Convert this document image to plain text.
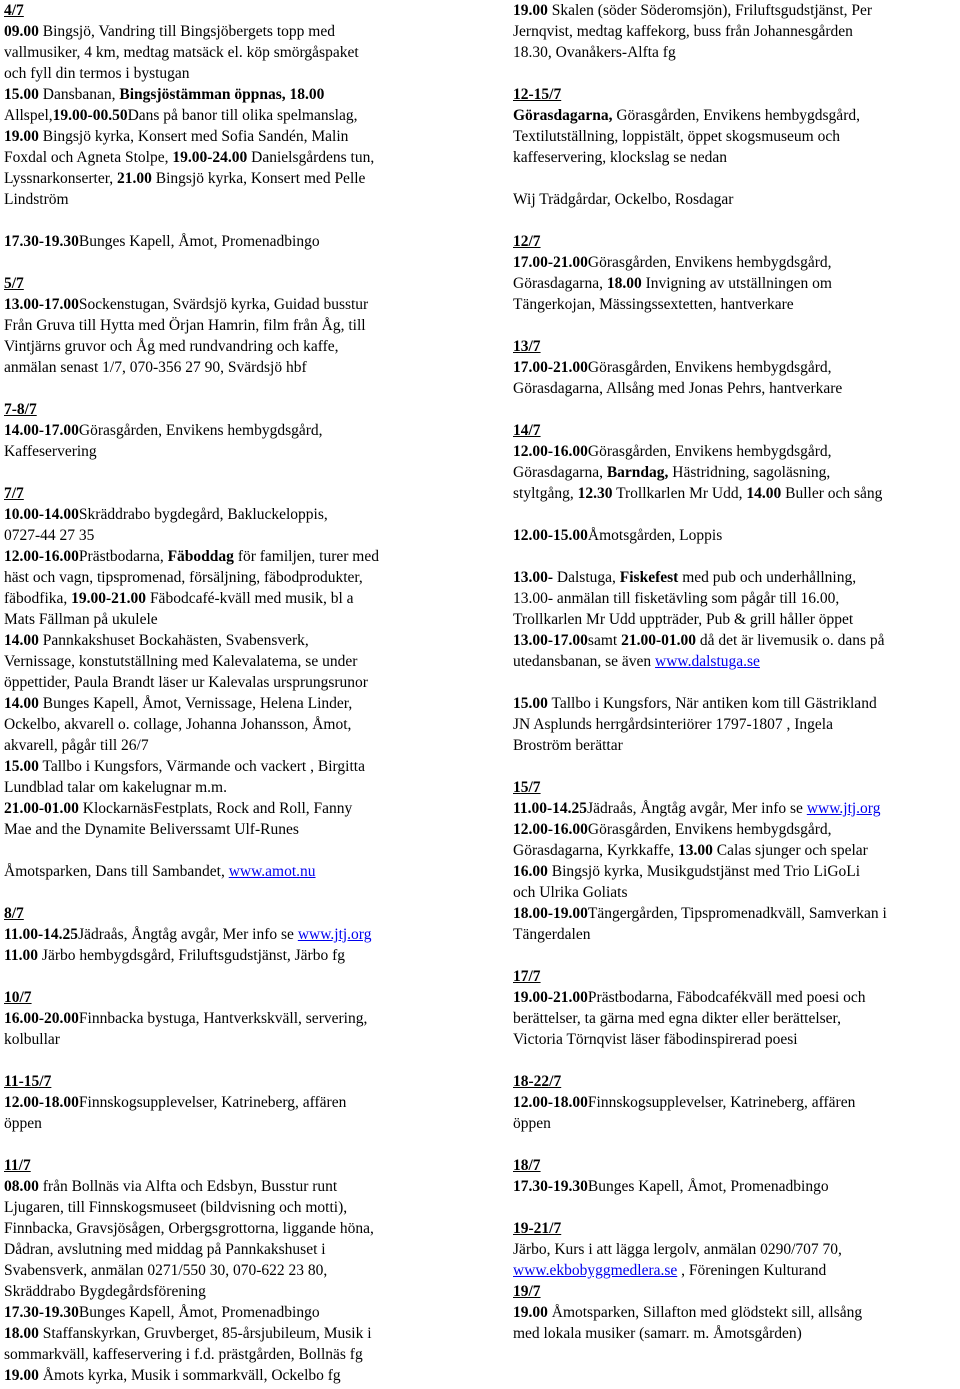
4/7
09.00 Bingsjö, Vandring till Bingsjöbergets topp med
vallmusiker, 4 km, medtag matsäck el. köp smörgåspaket
och fyll din termos i bystugan
15.00 Dansbanan, Bingsjöstämman öppnas, 18.00
Allspel,19.00-00.50Dans på banor till olika spelmanslag,
19.00 Bingsjö kyrka, Konsert med Sofia Sandén, Malin
Foxdal och Agneta Stolpe, 19.00-24.00 Danielsgårdens tun,
Lyssnarkonserter, 21.00 Bingsjö kyrka, Konsert med Pelle
Lindström
17.30-19.30Bunges Kapell, Åmot, Promenadbingo
5/7
13.00-17.00Sockenstugan, Svärdsjö kyrka, Guidad busstur
Från Gruva till Hytta med Örjan Hamrin, film från Åg, till
Vintjärns gruvor och Åg med rundvandring och kaffe,
anmälan senast 1/7, 070-356 27 90, Svärdsjö hbf
7-8/7
14.00-17.00Görasgården, Envikens hembygdsgård,
Kaffeservering
7/7
10.00-14.00Skräddrabo bygdegård, Bakluckeloppis,
0727-44 27 35
12.00-16.00Prästbodarna, Fäboddag för familjen, turer med
häst och vagn, tipspromenad, försäljning, fäbodprodukter,
fäbodfika, 19.00-21.00 Fäbodcafé-kväll med musik, bl a
Mats Fällman på ukulele
14.00 Pannkakshuset Bockahästen, Svabensverk,
Vernissage, konstutställning med Kalevalatema, se under
öppettider, Paula Brandt läser ur Kalevalas ursprungsrunor
14.00 Bunges Kapell, Åmot, Vernissage, Helena Linder,
Ockelbo, akvarell o. collage, Johanna Johansson, Åmot,
akvarell, pågår till 26/7
15.00 Tallbo i Kungsfors, Värmande och vackert , Birgitta
Lundblad talar om kakelugnar m.m.
21.00-01.00 KlockarnäsFestplats, Rock and Roll, Fanny
Mae and the Dynamite Beliverssamt Ulf-Runes
Åmotsparken, Dans till Sambandet, www.amot.nu
8/7
11.00-14.25Jädraås, Ångtåg avgår, Mer info se www.jtj.org
11.00 Järbo hembygdsgård, Friluftsgudstjänst, Järbo fg
10/7
16.00-20.00Finnbacka bystuga, Hantverkskväll, servering,
kolbullar
11-15/7
12.00-18.00Finnskogsupplevelser, Katrineberg, affären
öppen
11/7
08.00 från Bollnäs via Alfta och Edsbyn, Busstur runt
Ljugaren, till Finnskogsmuseet (bildvisning och motti),
Finnbacka, Gravsjösågen, Orbergsgrottorna, liggande höna,
Dådran, avslutning med middag på Pannkakshuset i
Svabensverk, anmälan 0271/550 30, 070-622 23 80,
Skräddrabo Bygdegårdsförening
17.30-19.30Bunges Kapell, Åmot, Promenadbingo
18.00 Staffanskyrkan, Gruvberget, 85-årsjubileum, Musik i
sommarkväll, kaffeservering i f.d. prästgården, Bollnäs fg
19.00 Åmots kyrka, Musik i sommarkväll, Ockelbo fg
19.00 Skalen (söder Söderomsjön), Friluftsgudstjänst, Per
Jernqvist, medtag kaffekorg, buss från Johannesgården
18.30, Ovanåkers-Alfta fg
12-15/7
Görasdagarna, Görasgården, Envikens hembygdsgård,
Textilutställning, loppistält, öppet skogsmuseum och
kaffeservering, klockslag se nedan
Wij Trädgårdar, Ockelbo, Rosdagar
12/7
17.00-21.00Görasgården, Envikens hembygdsgård,
Görasdagarna, 18.00 Invigning av utställningen om
Tängerkojan, Mässingssextetten, hantverkare
13/7
17.00-21.00Görasgården, Envikens hembygdsgård,
Görasdagarna, Allsång med Jonas Pehrs, hantverkare
14/7
12.00-16.00Görasgården, Envikens hembygdsgård,
Görasdagarna, Barndag, Hästridning, sagoläsning,
styltgång, 12.30 Trollkarlen Mr Udd, 14.00 Buller och sång
12.00-15.00Åmotsgården, Loppis
13.00- Dalstuga, Fiskefest med pub och underhållning,
13.00- anmälan till fisketävling som pågår till 16.00,
Trollkarlen Mr Udd uppträder, Pub & grill håller öppet
13.00-17.00samt 21.00-01.00 då det är livemusik o. dans på
utedansbanan, se även www.dalstuga.se
15.00 Tallbo i Kungsfors, När antiken kom till Gästrikland
JN Asplunds herrgårdsinteriörer 1797-1807 , Ingela
Broström berättar
15/7
11.00-14.25Jädraås, Ångtåg avgår, Mer info se www.jtj.org
12.00-16.00Görasgården, Envikens hembygdsgård,
Görasdagarna, Kyrkkaffe, 13.00 Calas sjunger och spelar
16.00 Bingsjö kyrka, Musikgudstjänst med Trio LiGoLi
och Ulrika Goliats
18.00-19.00Tängergården, Tipspromenadkväll, Samverkan i
Tängerdalen
17/7
19.00-21.00Prästbodarna, Fäbodcafékväll med poesi och
berättelser, ta gärna med egna dikter eller berättelser,
Victoria Törnqvist läser fäbodinspirerad poesi
18-22/7
12.00-18.00Finnskogsupplevelser, Katrineberg, affären
öppen
18/7
17.30-19.30Bunges Kapell, Åmot, Promenadbingo
19-21/7
Järbo, Kurs i att lägga lergolv, anmälan 0290/707 70,
www.ekbobyggmedlera.se , Föreningen Kulturand
19/7
19.00 Åmotsparken, Sillafton med glödstekt sill, allsång
med lokala musiker (samarr. m. Åmotsgården)
